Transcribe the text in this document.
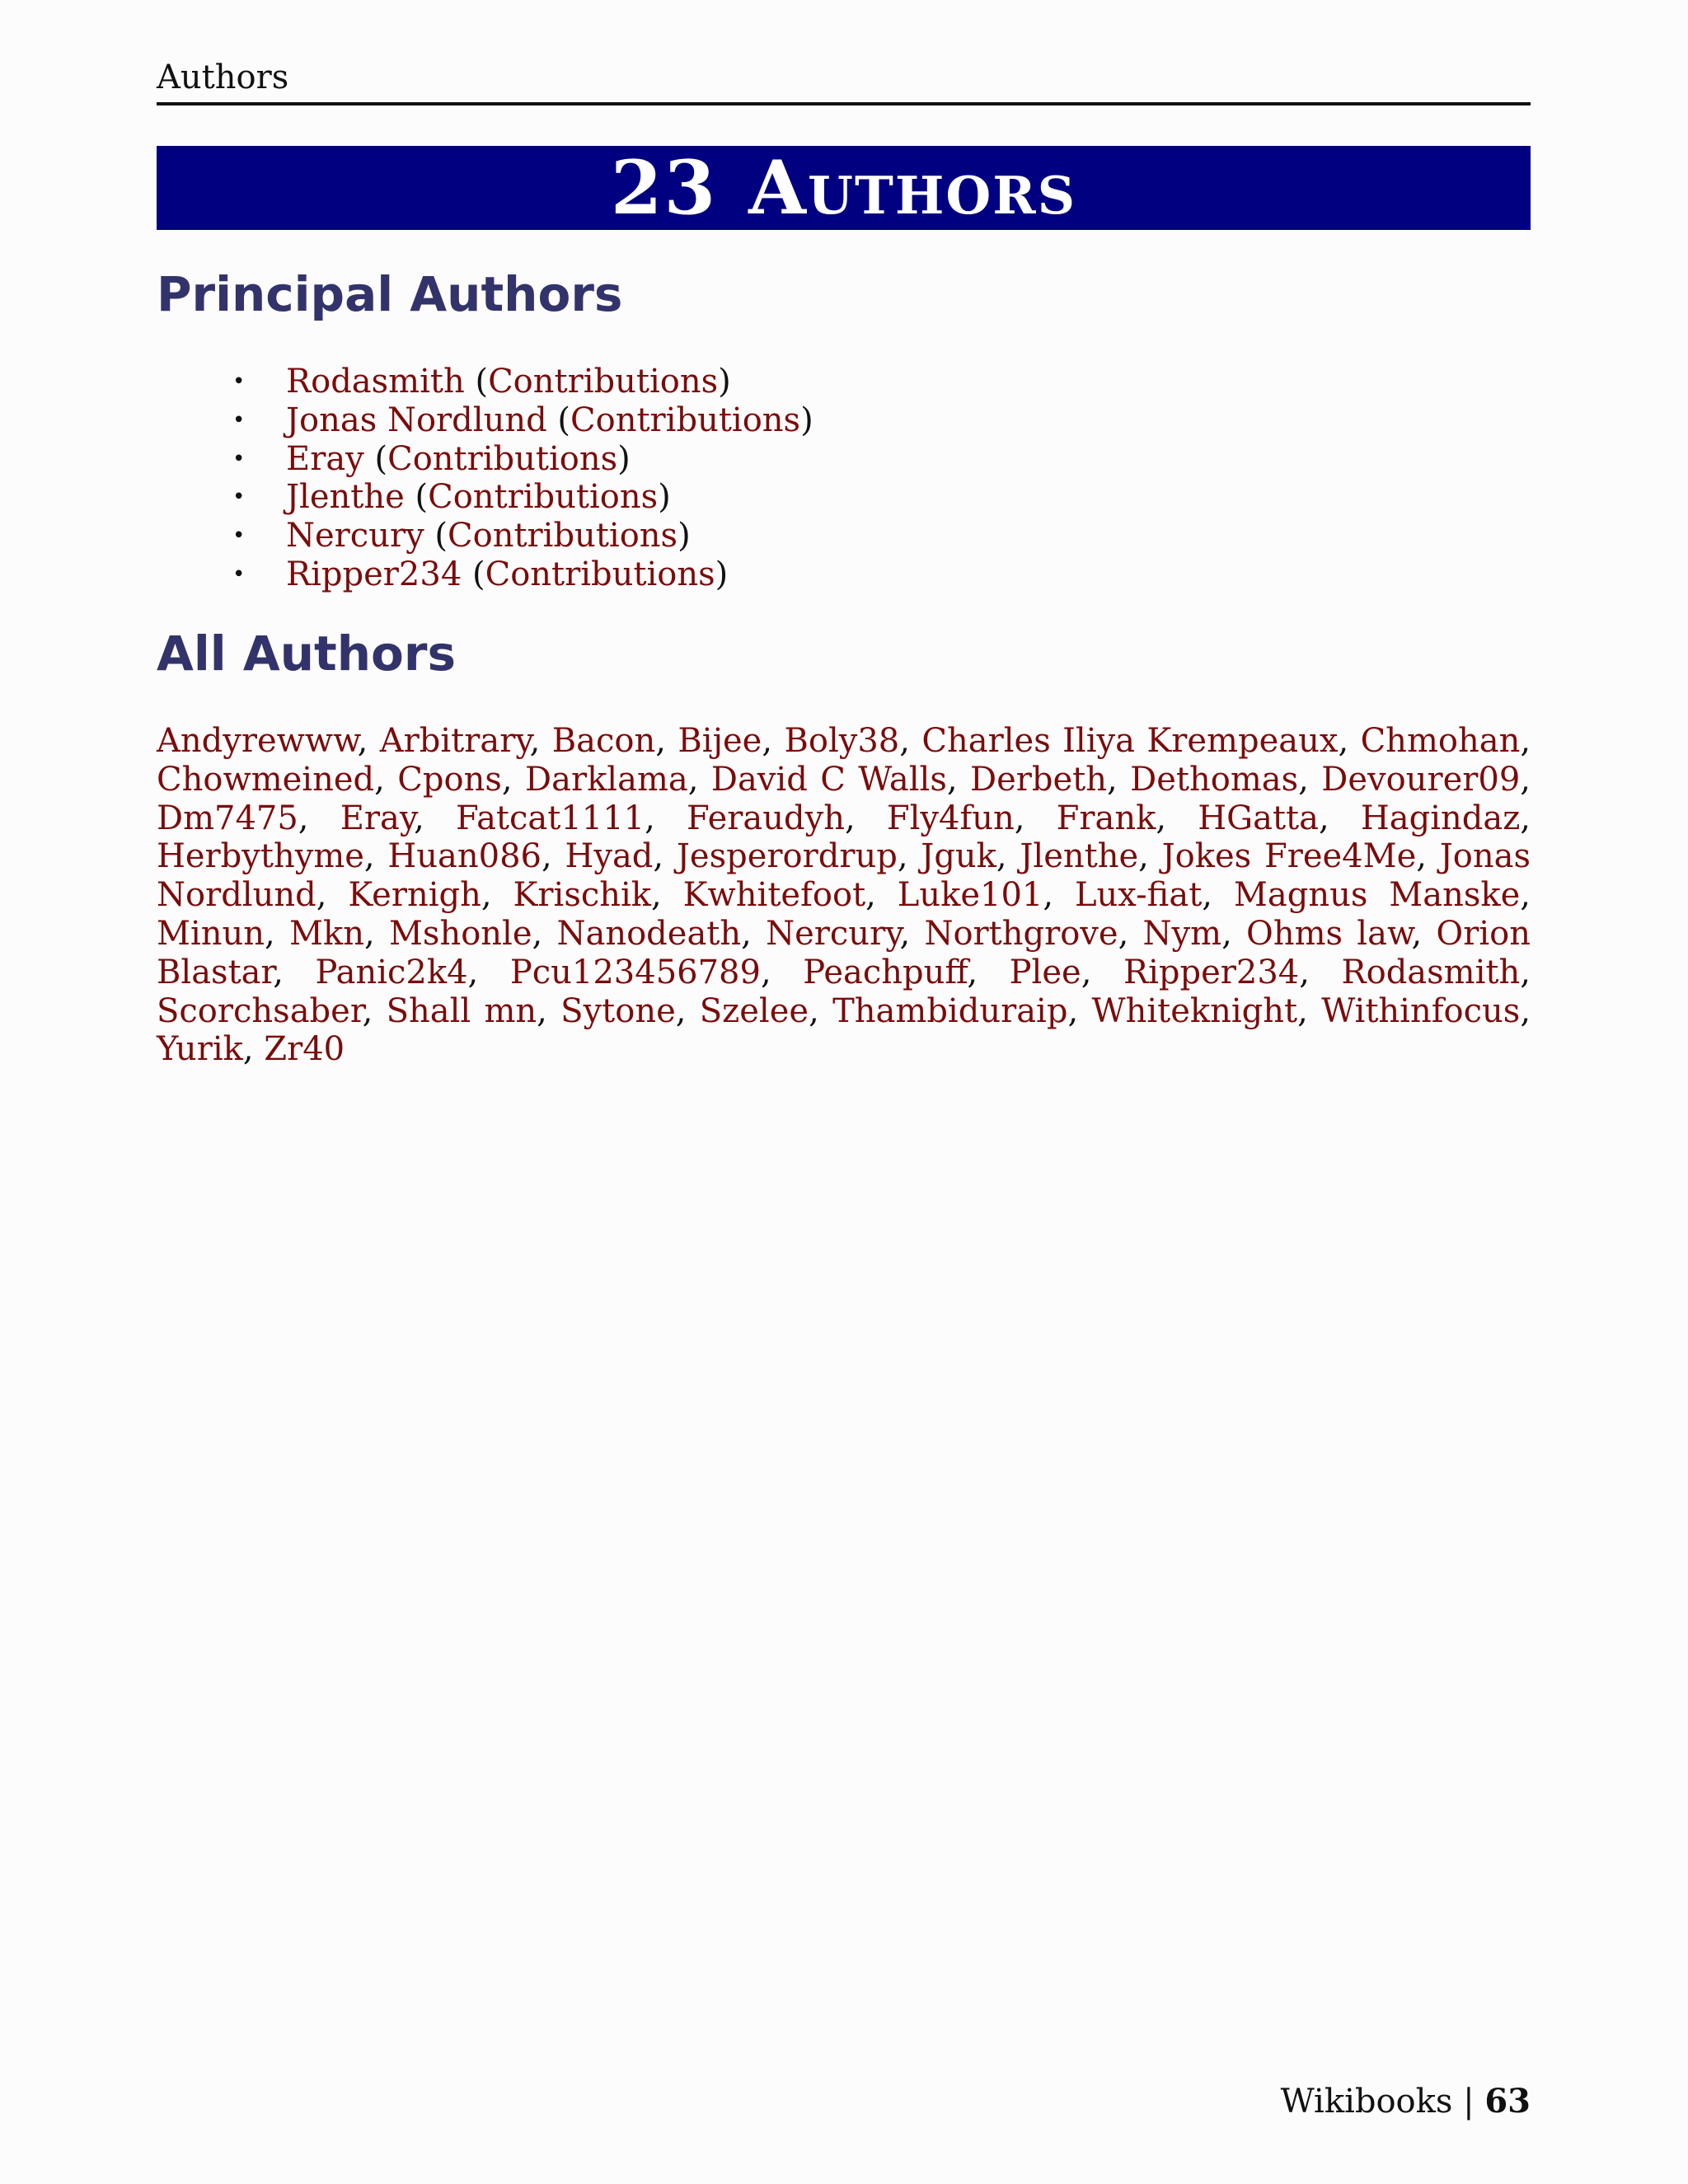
Authors
23 Authors
Principal Authors
• Rodasmith (Contributions)
• Jonas Nordlund (Contributions)
• Eray (Contributions)
• Jlenthe (Contributions)
• Nercury (Contributions)
• Ripper234 (Contributions)
All Authors

Andyrewww, Arbitrary, Bacon, Bijee, Boly38, Charles Iliya Krempeaux, Chmohan, Chowmeined, Cpons, Darklama, David C Walls, Derbeth, Dethomas, Devourer09, Dm7475, Eray, Fatcat1111, Feraudyh, Fly4fun, Frank, HGatta, Hagindaz, Herbythyme, Huan086, Hyad, Jesperordrup, Jguk, Jlenthe, Jokes Free4Me, Jonas Nordlund, Kernigh, Krischik, Kwhitefoot, Luke101, Lux-fiat, Magnus Manske, Minun, Mkn, Mshonle, Nanodeath, Nercury, Northgrove, Nym, Ohms law, Orion Blastar, Panic2k4, Pcu123456789, Peachpuff, Plee, Ripper234, Rodasmith, Scorchsaber, Shall mn, Sytone, Szelee, Thambiduraip, Whiteknight, Withinfocus, Yurik, Zr40

Wikibooks | 63
